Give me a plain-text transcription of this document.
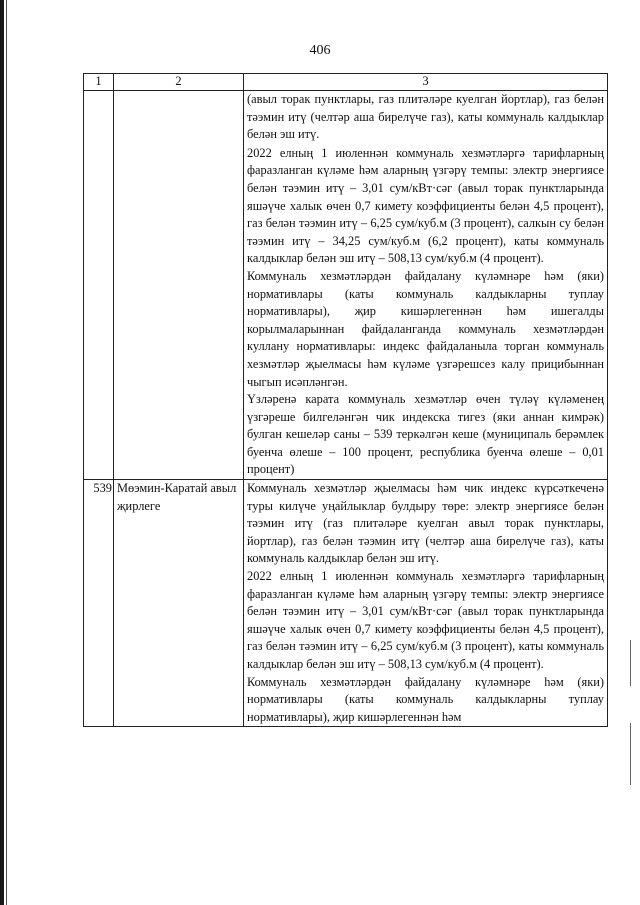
406
1	2	3

		(авыл торак пунктлары, газ плитәләре куелган йортлар), газ белән тәэмин итү (челтәр аша бирелүче газ), каты коммуналь калдыклар белән эш итү.

2022 елның 1 июленнән коммуналь хезмәтләргә тарифларның фаразланган күләме һәм аларның үзгәрү темпы: электр энергиясе белән тәэмин итү – 3,01 сум/кВт·сәг (авыл торак пунктларында яшәүче халык өчен 0,7 кимету коэффициенты белән 4,5 процент), газ белән тәэмин итү – 6,25 сум/куб.м (3 процент), салкын су белән тәэмин итү – 34,25 сум/куб.м (6,2 процент), каты коммуналь калдыклар белән эш итү – 508,13 сум/куб.м (4 процент).

Коммуналь хезмәтләрдән файдалану күләмнәре һәм (яки) нормативлары (каты коммуналь калдыкларны туплау нормативлары), җир кишәрлегеннән һәм ишегалды корылмаларыннан файдаланганда коммуналь хезмәтләрдән куллану нормативлары: индекс файдаланыла торган коммуналь хезмәтләр җыелмасы һәм күләме үзгәрешсез калу прицибыннан чыгып исәпләнгән.

Үзләренә карата коммуналь хезмәтләр өчен түләү күләменең үзгәреше билгеләнгән чик индекска тигез (яки аннан кимрәк) булган кешеләр саны – 539 теркәлгән кеше (муниципаль берәмлек буенча өлеше – 100 процент, республика буенча өлеше – 0,01 процент)

539	Мөэмин-Каратай авыл җирлеге	Коммуналь хезмәтләр җыелмасы һәм чик индекс күрсәткеченә туры килүче уңайлыклар булдыру төре: электр энергиясе белән тәэмин итү (газ плитәләре куелган авыл торак пунктлары, йортлар), газ белән тәэмин итү (челтәр аша бирелүче газ), каты коммуналь калдыклар белән эш итү.

2022 елның 1 июленнән коммуналь хезмәтләргә тарифларның фаразланган күләме һәм аларның үзгәрү темпы: электр энергиясе белән тәэмин итү – 3,01 сум/кВт·сәг (авыл торак пунктларында яшәүче халык өчен 0,7 кимету коэффициенты белән 4,5 процент), газ белән тәэмин итү – 6,25 сум/куб.м (3 процент), каты коммуналь калдыклар белән эш итү – 508,13 сум/куб.м (4 процент).

Коммуналь хезмәтләрдән файдалану күләмнәре һәм (яки) нормативлары (каты коммуналь калдыкларны туплау нормативлары), җир кишәрлегеннән һәм
